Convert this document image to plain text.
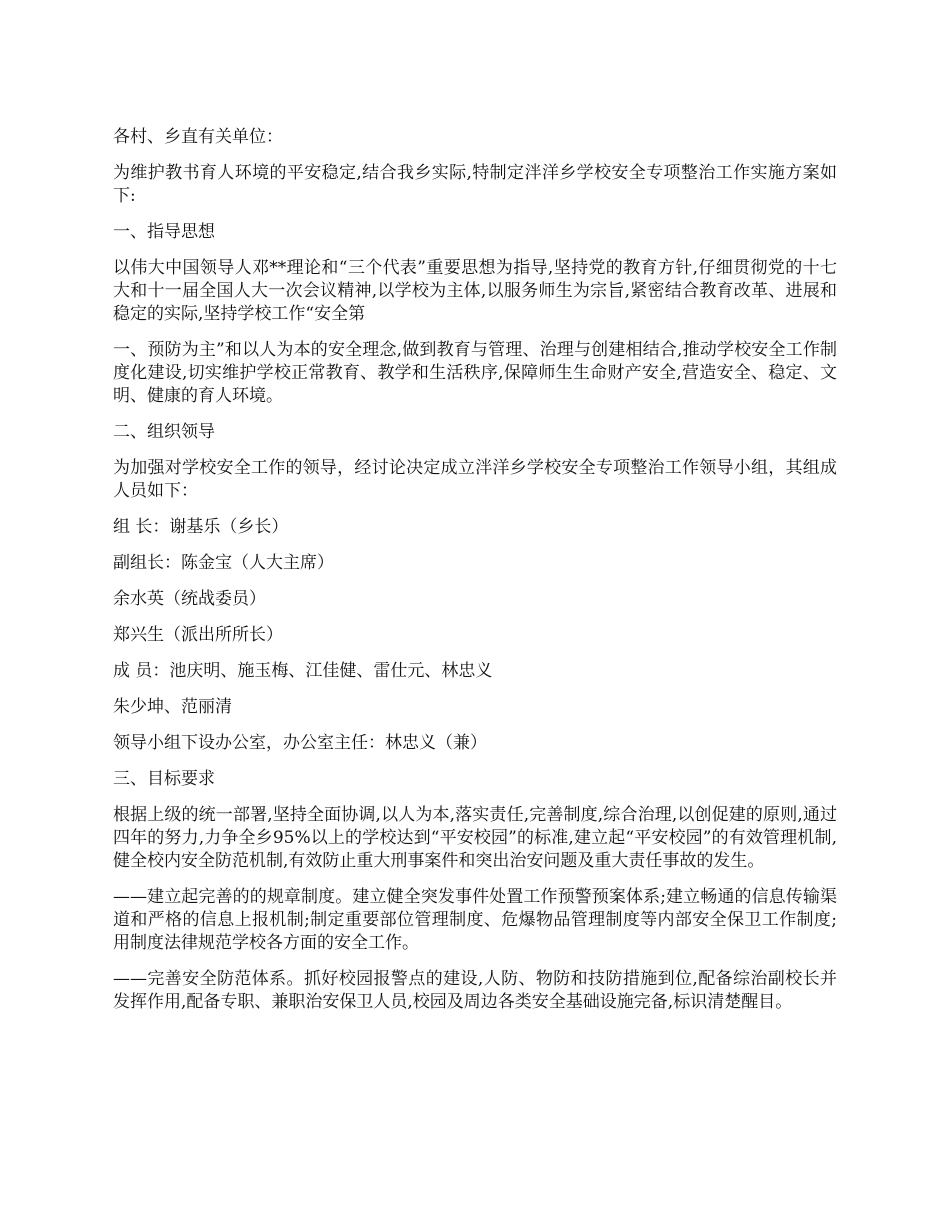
各村、乡直有关单位：

为维护教书育人环境的平安稳定,结合我乡实际,特制定泮洋乡学校安全专项整治工作实施方案如下:

一、指导思想

以伟大中国领导人邓**理论和“三个代表”重要思想为指导,坚持党的教育方针,仔细贯彻党的十七大和十一届全国人大一次会议精神,以学校为主体,以服务师生为宗旨,紧密结合教育改革、进展和稳定的实际,坚持学校工作“安全第

一、预防为主”和以人为本的安全理念,做到教育与管理、治理与创建相结合,推动学校安全工作制度化建设,切实维护学校正常教育、教学和生活秩序,保障师生生命财产安全,营造安全、稳定、文明、健康的育人环境。

二、组织领导

为加强对学校安全工作的领导，经讨论决定成立泮洋乡学校安全专项整治工作领导小组，其组成人员如下：

组 长：谢基乐（乡长）

副组长：陈金宝（人大主席）

余水英（统战委员）

郑兴生（派出所所长）

成 员：池庆明、施玉梅、江佳健、雷仕元、林忠义

朱少坤、范丽清

领导小组下设办公室，办公室主任：林忠义（兼）

三、目标要求

根据上级的统一部署,坚持全面协调,以人为本,落实责任,完善制度,综合治理,以创促建的原则,通过四年的努力,力争全乡95%以上的学校达到“平安校园”的标准,建立起“平安校园”的有效管理机制,健全校内安全防范机制,有效防止重大刑事案件和突出治安问题及重大责任事故的发生。

——建立起完善的的规章制度。建立健全突发事件处置工作预警预案体系;建立畅通的信息传输渠道和严格的信息上报机制;制定重要部位管理制度、危爆物品管理制度等内部安全保卫工作制度;用制度法律规范学校各方面的安全工作。

——完善安全防范体系。抓好校园报警点的建设,人防、物防和技防措施到位,配备综治副校长并发挥作用,配备专职、兼职治安保卫人员,校园及周边各类安全基础设施完备,标识清楚醒目。
